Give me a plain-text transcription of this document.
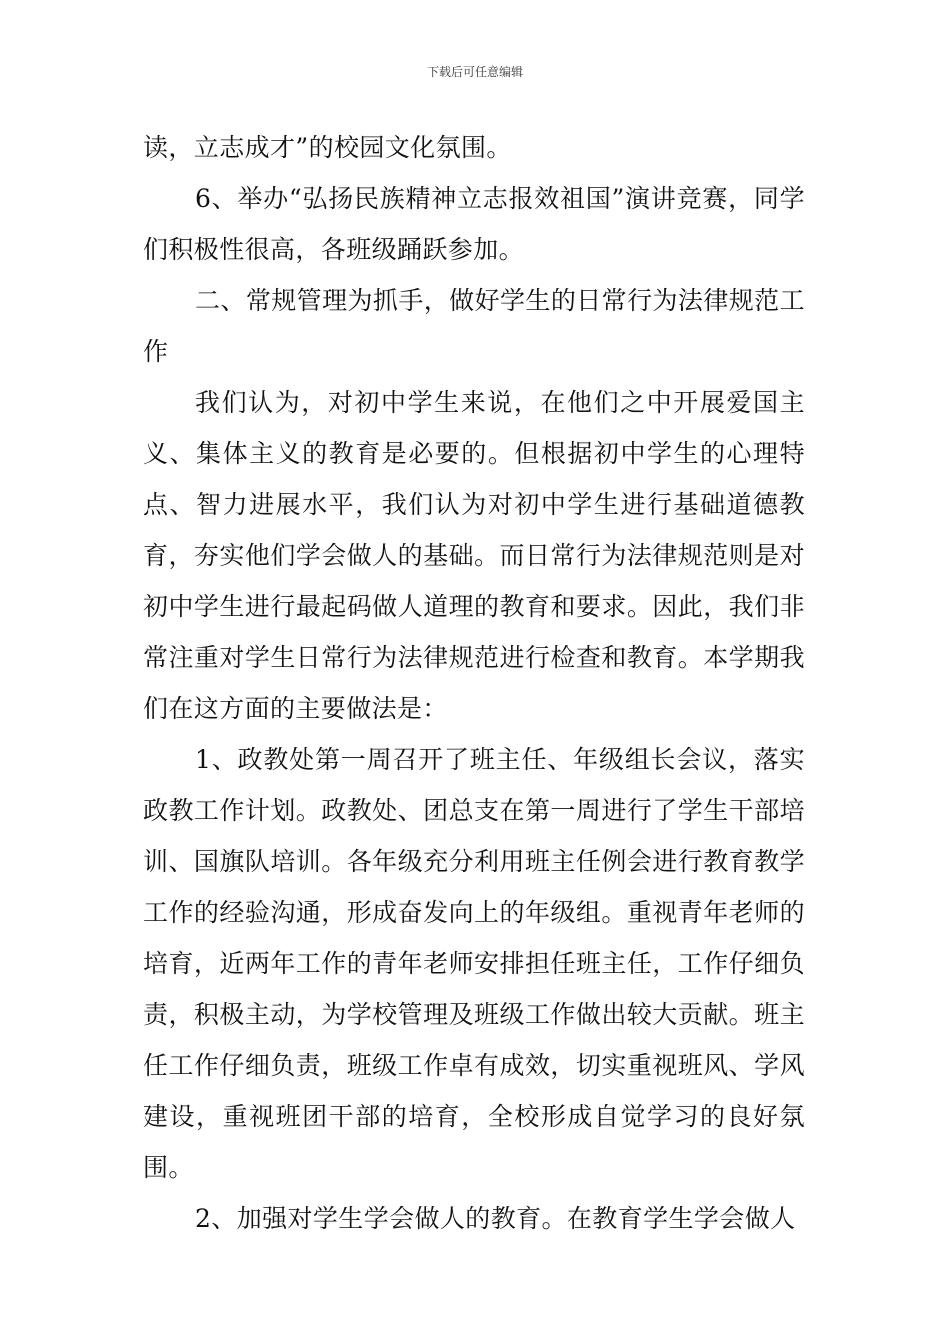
下载后可任意编辑

读，立志成才”的校园文化氛围。

6、举办“弘扬民族精神立志报效祖国”演讲竞赛，同学们积极性很高，各班级踊跃参加。

二、常规管理为抓手，做好学生的日常行为法律规范工作

我们认为，对初中学生来说，在他们之中开展爱国主义、集体主义的教育是必要的。但根据初中学生的心理特点、智力进展水平，我们认为对初中学生进行基础道德教育，夯实他们学会做人的基础。而日常行为法律规范则是对初中学生进行最起码做人道理的教育和要求。因此，我们非常注重对学生日常行为法律规范进行检查和教育。本学期我们在这方面的主要做法是：

1、政教处第一周召开了班主任、年级组长会议，落实政教工作计划。政教处、团总支在第一周进行了学生干部培训、国旗队培训。各年级充分利用班主任例会进行教育教学工作的经验沟通，形成奋发向上的年级组。重视青年老师的培育，近两年工作的青年老师安排担任班主任，工作仔细负责，积极主动，为学校管理及班级工作做出较大贡献。班主任工作仔细负责，班级工作卓有成效，切实重视班风、学风建设，重视班团干部的培育，全校形成自觉学习的良好氛围。

2、加强对学生学会做人的教育。在教育学生学会做人
